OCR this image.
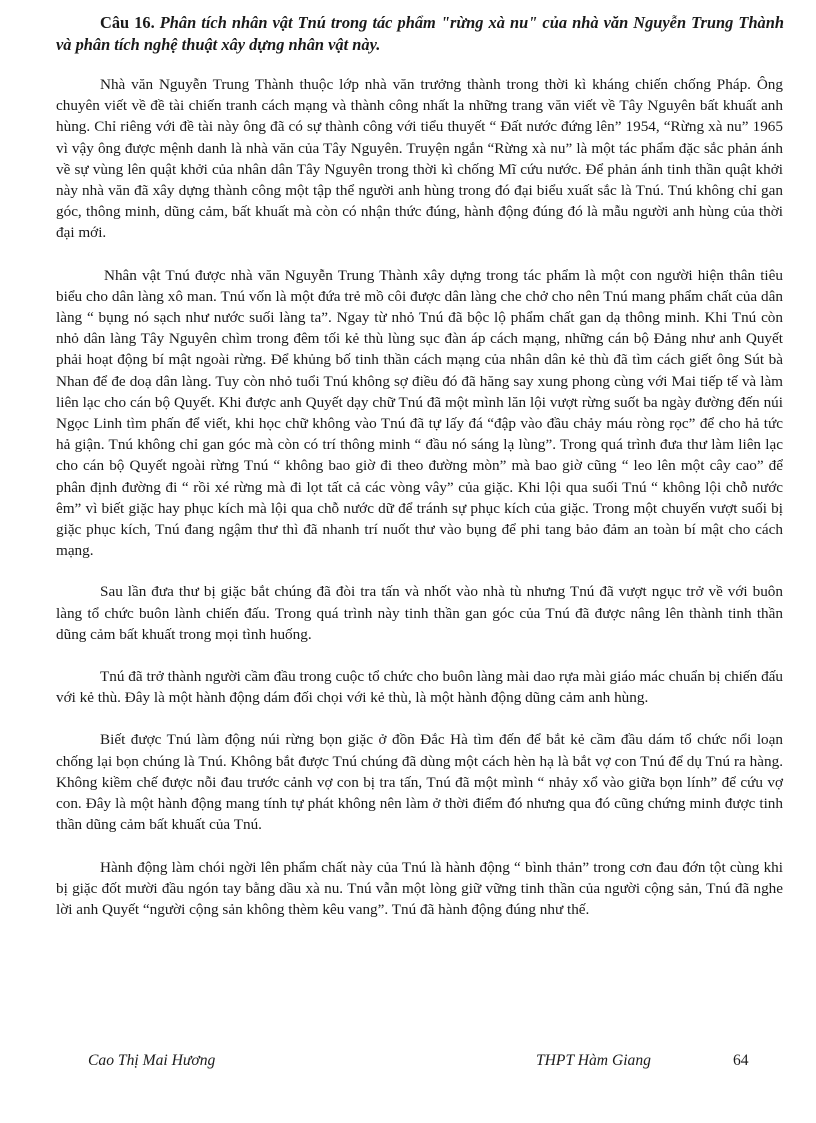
Câu 16. Phân tích nhân vật Tnú trong tác phẩm "rừng xà nu" của nhà văn Nguyễn Trung Thành và phân tích nghệ thuật xây dựng nhân vật này.

Nhà văn Nguyễn Trung Thành thuộc lớp nhà văn trưởng thành trong thời kì kháng chiến chống Pháp. Ông chuyên viết về đề tài chiến tranh cách mạng và thành công nhất la những trang văn viết về Tây Nguyên bất khuất anh hùng. Chỉ riêng với đề tài này ông đã có sự thành công với tiểu thuyết “ Đất nước đứng lên” 1954, “Rừng xà nu” 1965 vì vậy ông được mệnh danh là nhà văn của Tây Nguyên. Truyện ngắn “Rừng xà nu” là một tác phẩm đặc sắc phản ánh về sự vùng lên quật khởi của nhân dân Tây Nguyên trong thời kì chống Mĩ cứu nước. Để phản ánh tinh thần quật khởi này nhà văn đã xây dựng thành công một tập thể người anh hùng trong đó đại biểu xuất sắc là Tnú. Tnú không chỉ gan góc, thông minh, dũng cảm, bất khuất mà còn có nhận thức đúng, hành động đúng đó là mẫu người anh hùng của thời đại mới.

Nhân vật Tnú được nhà văn Nguyễn Trung Thành xây dựng trong tác phẩm là một con người hiện thân tiêu biểu cho dân làng xô man. Tnú vốn là một đứa trẻ mồ côi được dân làng che chở cho nên Tnú mang phẩm chất của dân làng “ bụng nó sạch như nước suối làng ta”. Ngay từ nhỏ Tnú đã bộc lộ phẩm chất gan dạ thông minh. Khi Tnú còn nhỏ dân làng Tây Nguyên chìm trong đêm tối kẻ thù lùng sục đàn áp cách mạng, những cán bộ Đảng như anh Quyết phải hoạt động bí mật ngoài rừng. Để khủng bố tinh thần cách mạng của nhân dân kẻ thù đã tìm cách giết ông Sút bà Nhan để đe doạ dân làng. Tuy còn nhỏ tuổi Tnú không sợ điều đó đã hăng say xung phong cùng với Mai tiếp tế và làm liên lạc cho cán bộ Quyết. Khi được anh Quyết dạy chữ Tnú đã một mình lăn lội vượt rừng suốt ba ngày đường đến núi Ngọc Linh tìm phấn để viết, khi học chữ không vào Tnú đã tự lấy đá “đập vào đầu chảy máu ròng rọc” để cho hả tức hả giận. Tnú không chỉ gan góc mà còn có trí thông minh “ đầu nó sáng lạ lùng”. Trong quá trình đưa thư làm liên lạc cho cán bộ Quyết ngoài rừng Tnú “ không bao giờ đi theo đường mòn” mà bao giờ cũng “ leo lên một cây cao” để phân định đường đi “ rồi xé rừng mà đi lọt tất cả các vòng vây” của giặc. Khi lội qua suối Tnú “ không lội chỗ nước êm” vì biết giặc hay phục kích mà lội qua chỗ nước dữ để tránh sự phục kích của giặc. Trong một chuyến vượt suối bị giặc phục kích, Tnú đang ngậm thư thì đã nhanh trí nuốt thư vào bụng để phi tang bảo đảm an toàn bí mật cho cách mạng.

Sau lần đưa thư bị giặc bắt chúng đã đòi tra tấn và nhốt vào nhà tù nhưng Tnú đã vượt ngục trở về với buôn làng tổ chức buôn lành chiến đấu. Trong quá trình này tinh thần gan góc của Tnú đã được nâng lên thành tinh thần dũng cảm bất khuất trong mọi tình huống.

Tnú đã trở thành người cầm đầu trong cuộc tổ chức cho buôn làng mài dao rựa mài giáo mác chuẩn bị chiến đấu với kẻ thù. Đây là một hành động dám đối chọi với kẻ thù, là một hành động dũng cảm anh hùng.

Biết được Tnú làm động núi rừng bọn giặc ở đồn Đắc Hà tìm đến để bắt kẻ cầm đầu dám tổ chức nổi loạn chống lại bọn chúng là Tnú. Không bắt được Tnú chúng đã dùng một cách hèn hạ là bắt vợ con Tnú để dụ Tnú ra hàng. Không kiềm chế được nỗi đau trước cảnh vợ con bị tra tấn, Tnú đã một mình “ nhảy xổ vào giữa bọn lính” để cứu vợ con. Đây là một hành động mang tính tự phát không nên làm ở thời điểm đó nhưng qua đó cũng chứng minh được tinh thần dũng cảm bất khuất của Tnú.

Hành động làm chói ngời lên phẩm chất này của Tnú là hành động “ bình thản” trong cơn đau đớn tột cùng khi bị giặc đốt mười đầu ngón tay bằng dầu xà nu. Tnú vẫn một lòng giữ vững tinh thần của người cộng sản, Tnú đã nghe lời anh Quyết “người cộng sản không thèm kêu vang”. Tnú đã hành động đúng như thế.

Cao Thị Mai Hương	THPT Hàm Giang	64
